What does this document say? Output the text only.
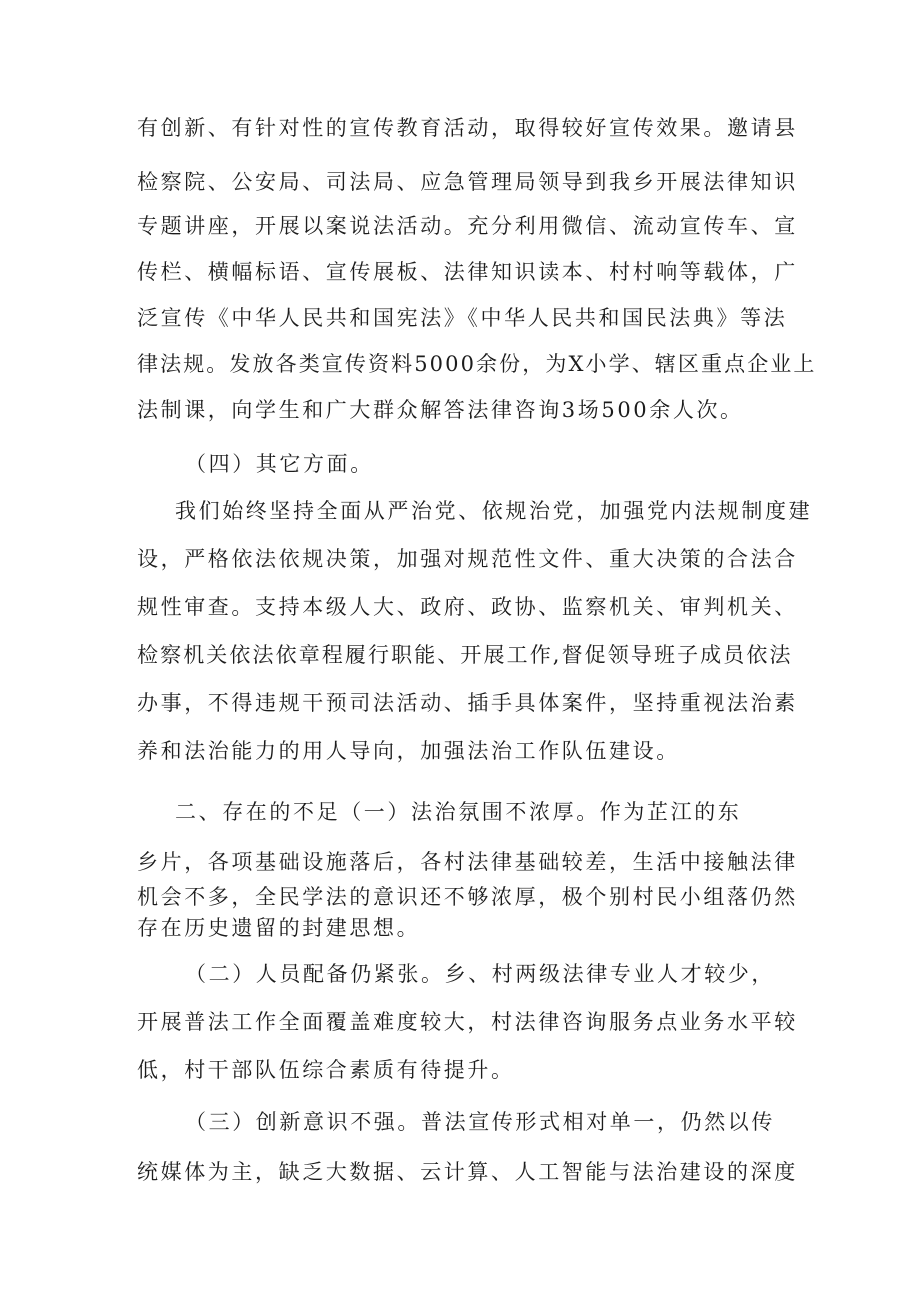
有创新、有针对性的宣传教育活动，取得较好宣传效果。邀请县

检察院、公安局、司法局、应急管理局领导到我乡开展法律知识

专题讲座，开展以案说法活动。充分利用微信、流动宣传车、宣

传栏、横幅标语、宣传展板、法律知识读本、村村响等载体，广

泛宣传《中华人民共和国宪法》《中华人民共和国民法典》等法

律法规。发放各类宣传资料5000余份，为X小学、辖区重点企业上

法制课，向学生和广大群众解答法律咨询3场500余人次。

（四）其它方面。

我们始终坚持全面从严治党、依规治党，加强党内法规制度建

设，严格依法依规决策，加强对规范性文件、重大决策的合法合

规性审查。支持本级人大、政府、政协、监察机关、审判机关、

检察机关依法依章程履行职能、开展工作,督促领导班子成员依法

办事，不得违规干预司法活动、插手具体案件，坚持重视法治素

养和法治能力的用人导向，加强法治工作队伍建设。

二、存在的不足（一）法治氛围不浓厚。作为芷江的东

乡片，各项基础设施落后，各村法律基础较差，生活中接触法律

机会不多，全民学法的意识还不够浓厚，极个别村民小组落仍然

存在历史遗留的封建思想。

（二）人员配备仍紧张。乡、村两级法律专业人才较少，

开展普法工作全面覆盖难度较大，村法律咨询服务点业务水平较

低，村干部队伍综合素质有待提升。

（三）创新意识不强。普法宣传形式相对单一，仍然以传

统媒体为主，缺乏大数据、云计算、人工智能与法治建设的深度
